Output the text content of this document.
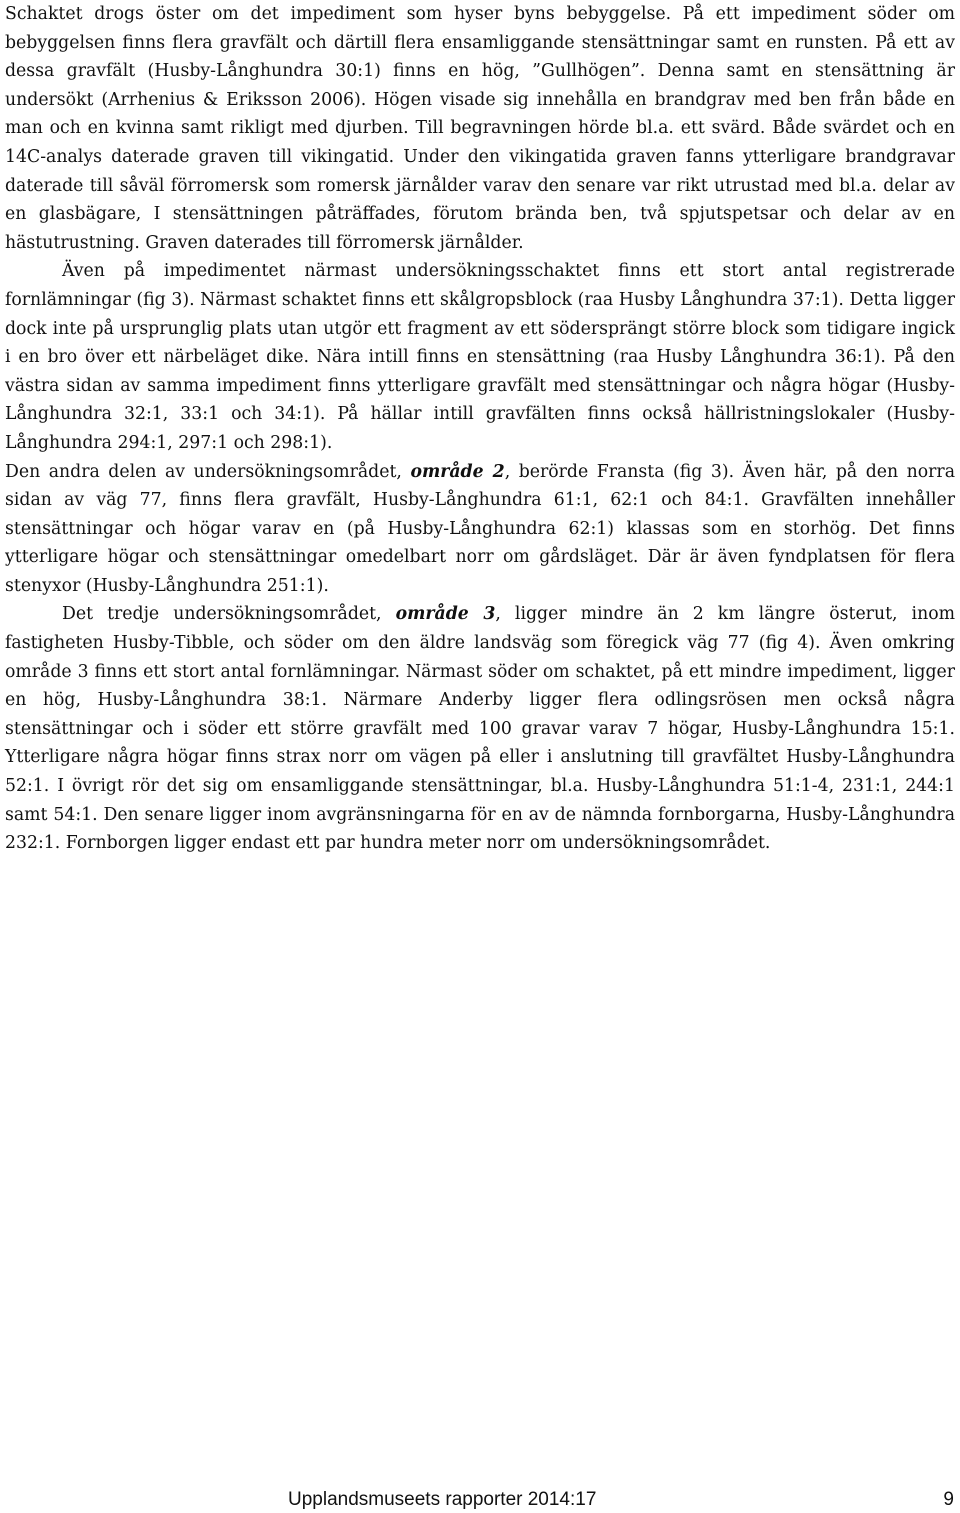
Schaktet drogs öster om det impediment som hyser byns bebyggelse. På ett impediment söder om bebyggelsen finns flera gravfält och därtill flera ensamliggande stensättningar samt en runsten. På ett av dessa gravfält (Husby-Långhundra 30:1) finns en hög, ”Gullhögen”. Denna samt en stensättning är undersökt (Arrhenius & Eriksson 2006). Högen visade sig innehålla en brandgrav med ben från både en man och en kvinna samt rikligt med djurben. Till begravningen hörde bl.a. ett svärd. Både svärdet och en 14C-analys daterade graven till vikingatid. Under den vikingatida graven fanns ytterligare brandgravar daterade till såväl förromersk som romersk järnålder varav den senare var rikt utrustad med bl.a. delar av en glasbägare, I stensättningen påträffades, förutom brända ben, två spjutspetsar och delar av en hästutrustning. Graven daterades till förromersk järnålder.

Även på impedimentet närmast undersökningsschaktet finns ett stort antal registrerade fornlämningar (fig 3). Närmast schaktet finns ett skålgropsblock (raa Husby Långhundra 37:1). Detta ligger dock inte på ursprunglig plats utan utgör ett fragment av ett södersprängt större block som tidigare ingick i en bro över ett närbeläget dike. Nära intill finns en stensättning (raa Husby Långhundra 36:1). På den västra sidan av samma impediment finns ytterligare gravfält med stensättningar och några högar (Husby-Långhundra 32:1, 33:1 och 34:1). På hällar intill gravfälten finns också hällristningslokaler (Husby-Långhundra 294:1, 297:1 och 298:1).

Den andra delen av undersökningsområdet, område 2, berörde Fransta (fig 3). Även här, på den norra sidan av väg 77, finns flera gravfält, Husby-Långhundra 61:1, 62:1 och 84:1. Gravfälten innehåller stensättningar och högar varav en (på Husby-Långhundra 62:1) klassas som en storhög. Det finns ytterligare högar och stensättningar omedelbart norr om gårdsläget. Där är även fyndplatsen för flera stenyxor (Husby-Långhundra 251:1).

Det tredje undersökningsområdet, område 3, ligger mindre än 2 km längre österut, inom fastigheten Husby-Tibble, och söder om den äldre landsväg som föregick väg 77 (fig 4). Även omkring område 3 finns ett stort antal fornlämningar. Närmast söder om schaktet, på ett mindre impediment, ligger en hög, Husby-Långhundra 38:1. Närmare Anderby ligger flera odlingsrösen men också några stensättningar och i söder ett större gravfält med 100 gravar varav 7 högar, Husby-Långhundra 15:1. Ytterligare några högar finns strax norr om vägen på eller i anslutning till gravfältet Husby-Långhundra 52:1. I övrigt rör det sig om ensamliggande stensättningar, bl.a. Husby-Långhundra 51:1-4, 231:1, 244:1 samt 54:1. Den senare ligger inom avgränsningarna för en av de nämnda fornborgarna, Husby-Långhundra 232:1. Fornborgen ligger endast ett par hundra meter norr om undersökningsområdet.

Upplandsmuseets rapporter 2014:17	9
